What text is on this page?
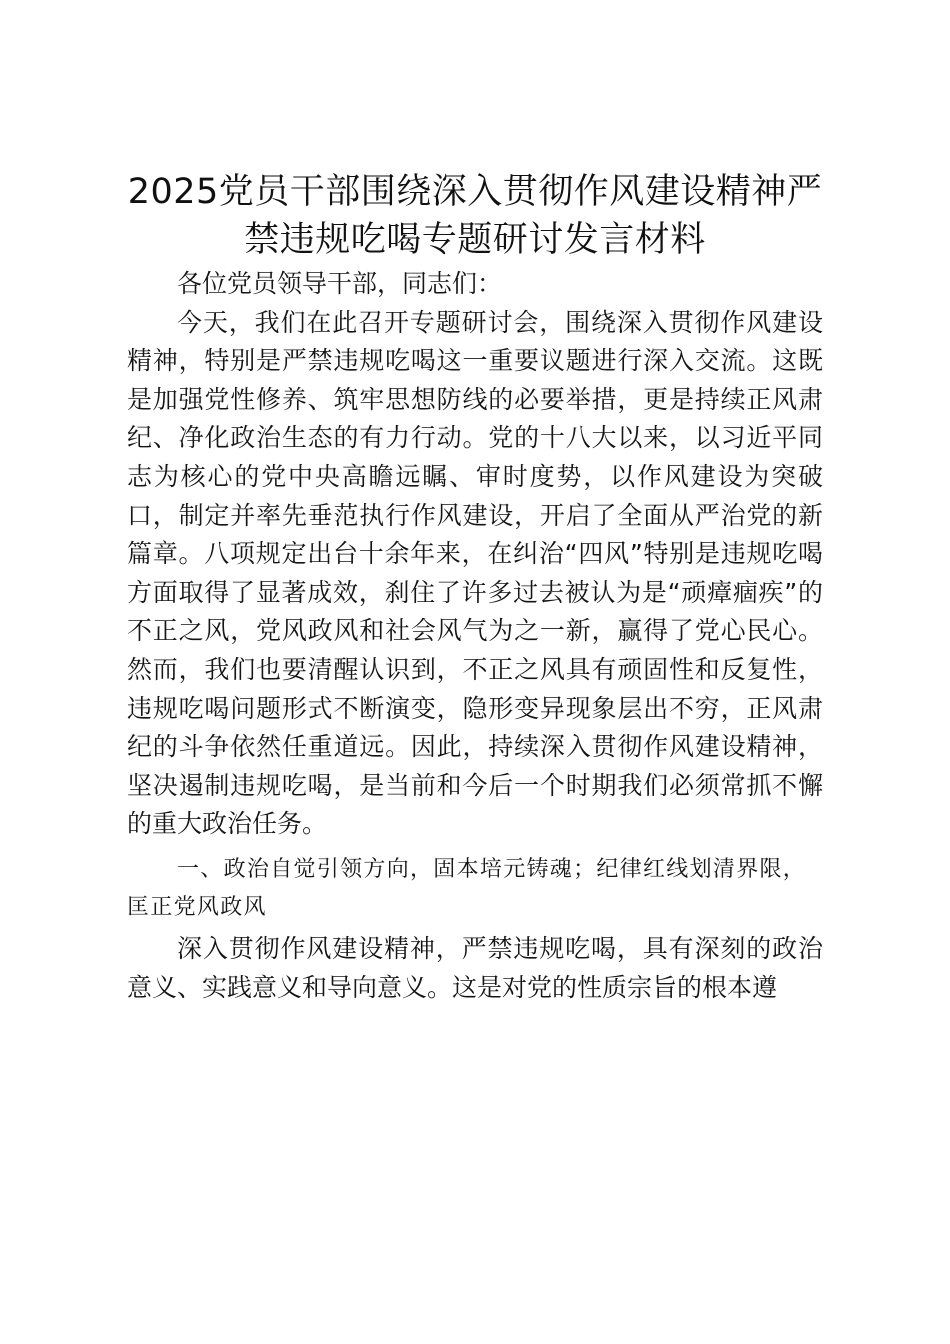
2025党员干部围绕深入贯彻作风建设精神严
禁违规吃喝专题研讨发言材料

各位党员领导干部，同志们：

今天，我们在此召开专题研讨会，围绕深入贯彻作风建设精神，特别是严禁违规吃喝这一重要议题进行深入交流。这既是加强党性修养、筑牢思想防线的必要举措，更是持续正风肃纪、净化政治生态的有力行动。党的十八大以来，以习近平同志为核心的党中央高瞻远瞩、审时度势，以作风建设为突破口，制定并率先垂范执行作风建设，开启了全面从严治党的新篇章。八项规定出台十余年来，在纠治“四风”特别是违规吃喝方面取得了显著成效，刹住了许多过去被认为是“顽瘴痼疾”的不正之风，党风政风和社会风气为之一新，赢得了党心民心。然而，我们也要清醒认识到，不正之风具有顽固性和反复性，违规吃喝问题形式不断演变，隐形变异现象层出不穷，正风肃纪的斗争依然任重道远。因此，持续深入贯彻作风建设精神，坚决遏制违规吃喝，是当前和今后一个时期我们必须常抓不懈的重大政治任务。

一、政治自觉引领方向，固本培元铸魂；纪律红线划清界限，匡正党风政风

深入贯彻作风建设精神，严禁违规吃喝，具有深刻的政治意义、实践意义和导向意义。这是对党的性质宗旨的根本遵
